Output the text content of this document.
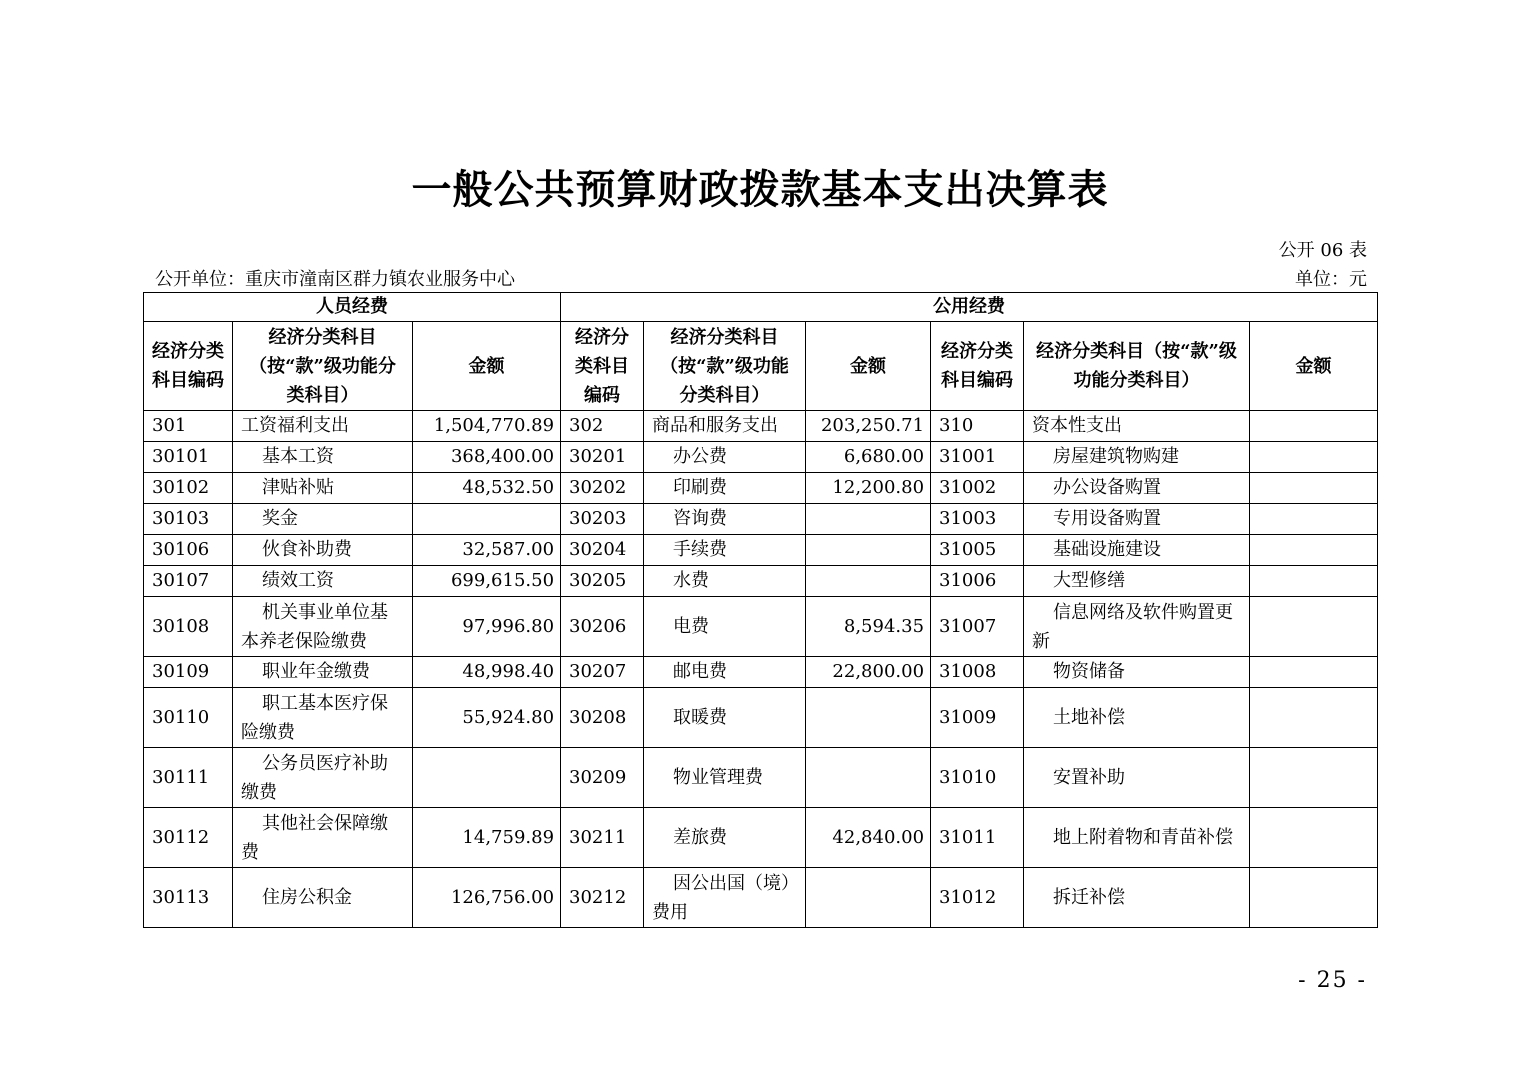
一般公共预算财政拨款基本支出决算表
公开 06 表
公开单位：重庆市潼南区群力镇农业服务中心	单位：元
人员经费			公用经费					
经济分类科目编码	经济分类科目（按“款”级功能分类科目）	金额	经济分类科目编码	经济分类科目（按“款”级功能分类科目）	金额	经济分类科目编码	经济分类科目（按“款”级功能分类科目）	金额
301	工资福利支出	1,504,770.89	302	商品和服务支出	203,250.71	310	资本性支出	
30101	基本工资	368,400.00	30201	办公费	6,680.00	31001	房屋建筑物购建	
30102	津贴补贴	48,532.50	30202	印刷费	12,200.80	31002	办公设备购置	
30103	奖金		30203	咨询费		31003	专用设备购置	
30106	伙食补助费	32,587.00	30204	手续费		31005	基础设施建设	
30107	绩效工资	699,615.50	30205	水费		31006	大型修缮	
30108	机关事业单位基本养老保险缴费	97,996.80	30206	电费	8,594.35	31007	信息网络及软件购置更新	
30109	职业年金缴费	48,998.40	30207	邮电费	22,800.00	31008	物资储备	
30110	职工基本医疗保险缴费	55,924.80	30208	取暖费		31009	土地补偿	
30111	公务员医疗补助缴费		30209	物业管理费		31010	安置补助	
30112	其他社会保障缴费	14,759.89	30211	差旅费	42,840.00	31011	地上附着物和青苗补偿	
30113	住房公积金	126,756.00	30212	因公出国（境）费用		31012	拆迁补偿	
- 25 -
